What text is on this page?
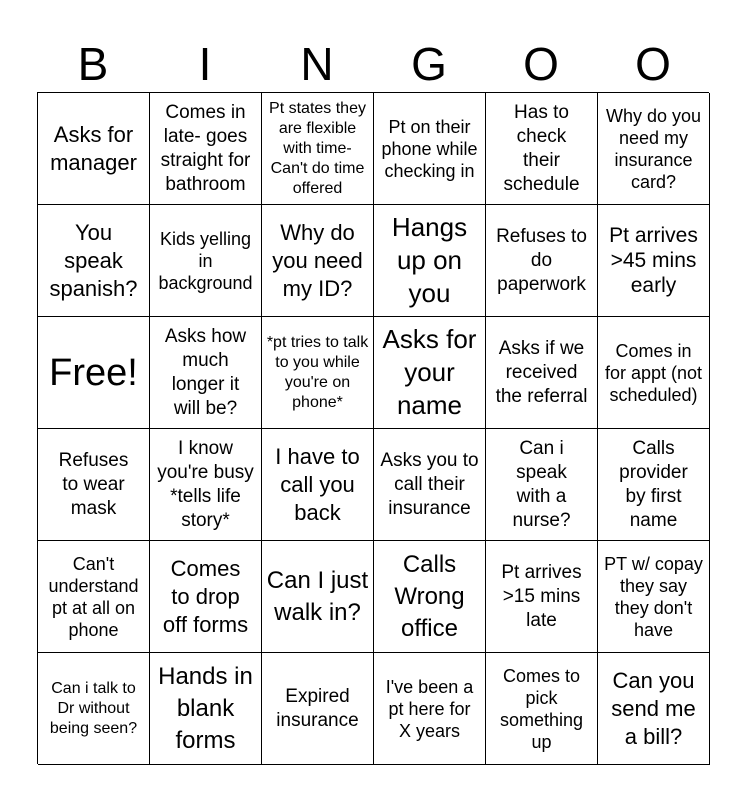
B	I	N	G	O	O
Asks for manager
Comes in late- goes straight for bathroom
Pt states they are flexible with time- Can't do time offered
Pt on their phone while checking in
Has to check their schedule
Why do you need my insurance card?
You speak spanish?
Kids yelling in background
Why do you need my ID?
Hangs up on you
Refuses to do paperwork
Pt arrives >45 mins early
Free!
Asks how much longer it will be?
*pt tries to talk to you while you're on phone*
Asks for your name
Asks if we received the referral
Comes in for appt (not scheduled)
Refuses to wear mask
I know you're busy *tells life story*
I have to call you back
Asks you to call their insurance
Can i speak with a nurse?
Calls provider by first name
Can't understand pt at all on phone
Comes to drop off forms
Can I just walk in?
Calls Wrong office
Pt arrives >15 mins late
PT w/ copay they say they don't have
Can i talk to Dr without being seen?
Hands in blank forms
Expired insurance
I've been a pt here for X years
Comes to pick something up
Can you send me a bill?
